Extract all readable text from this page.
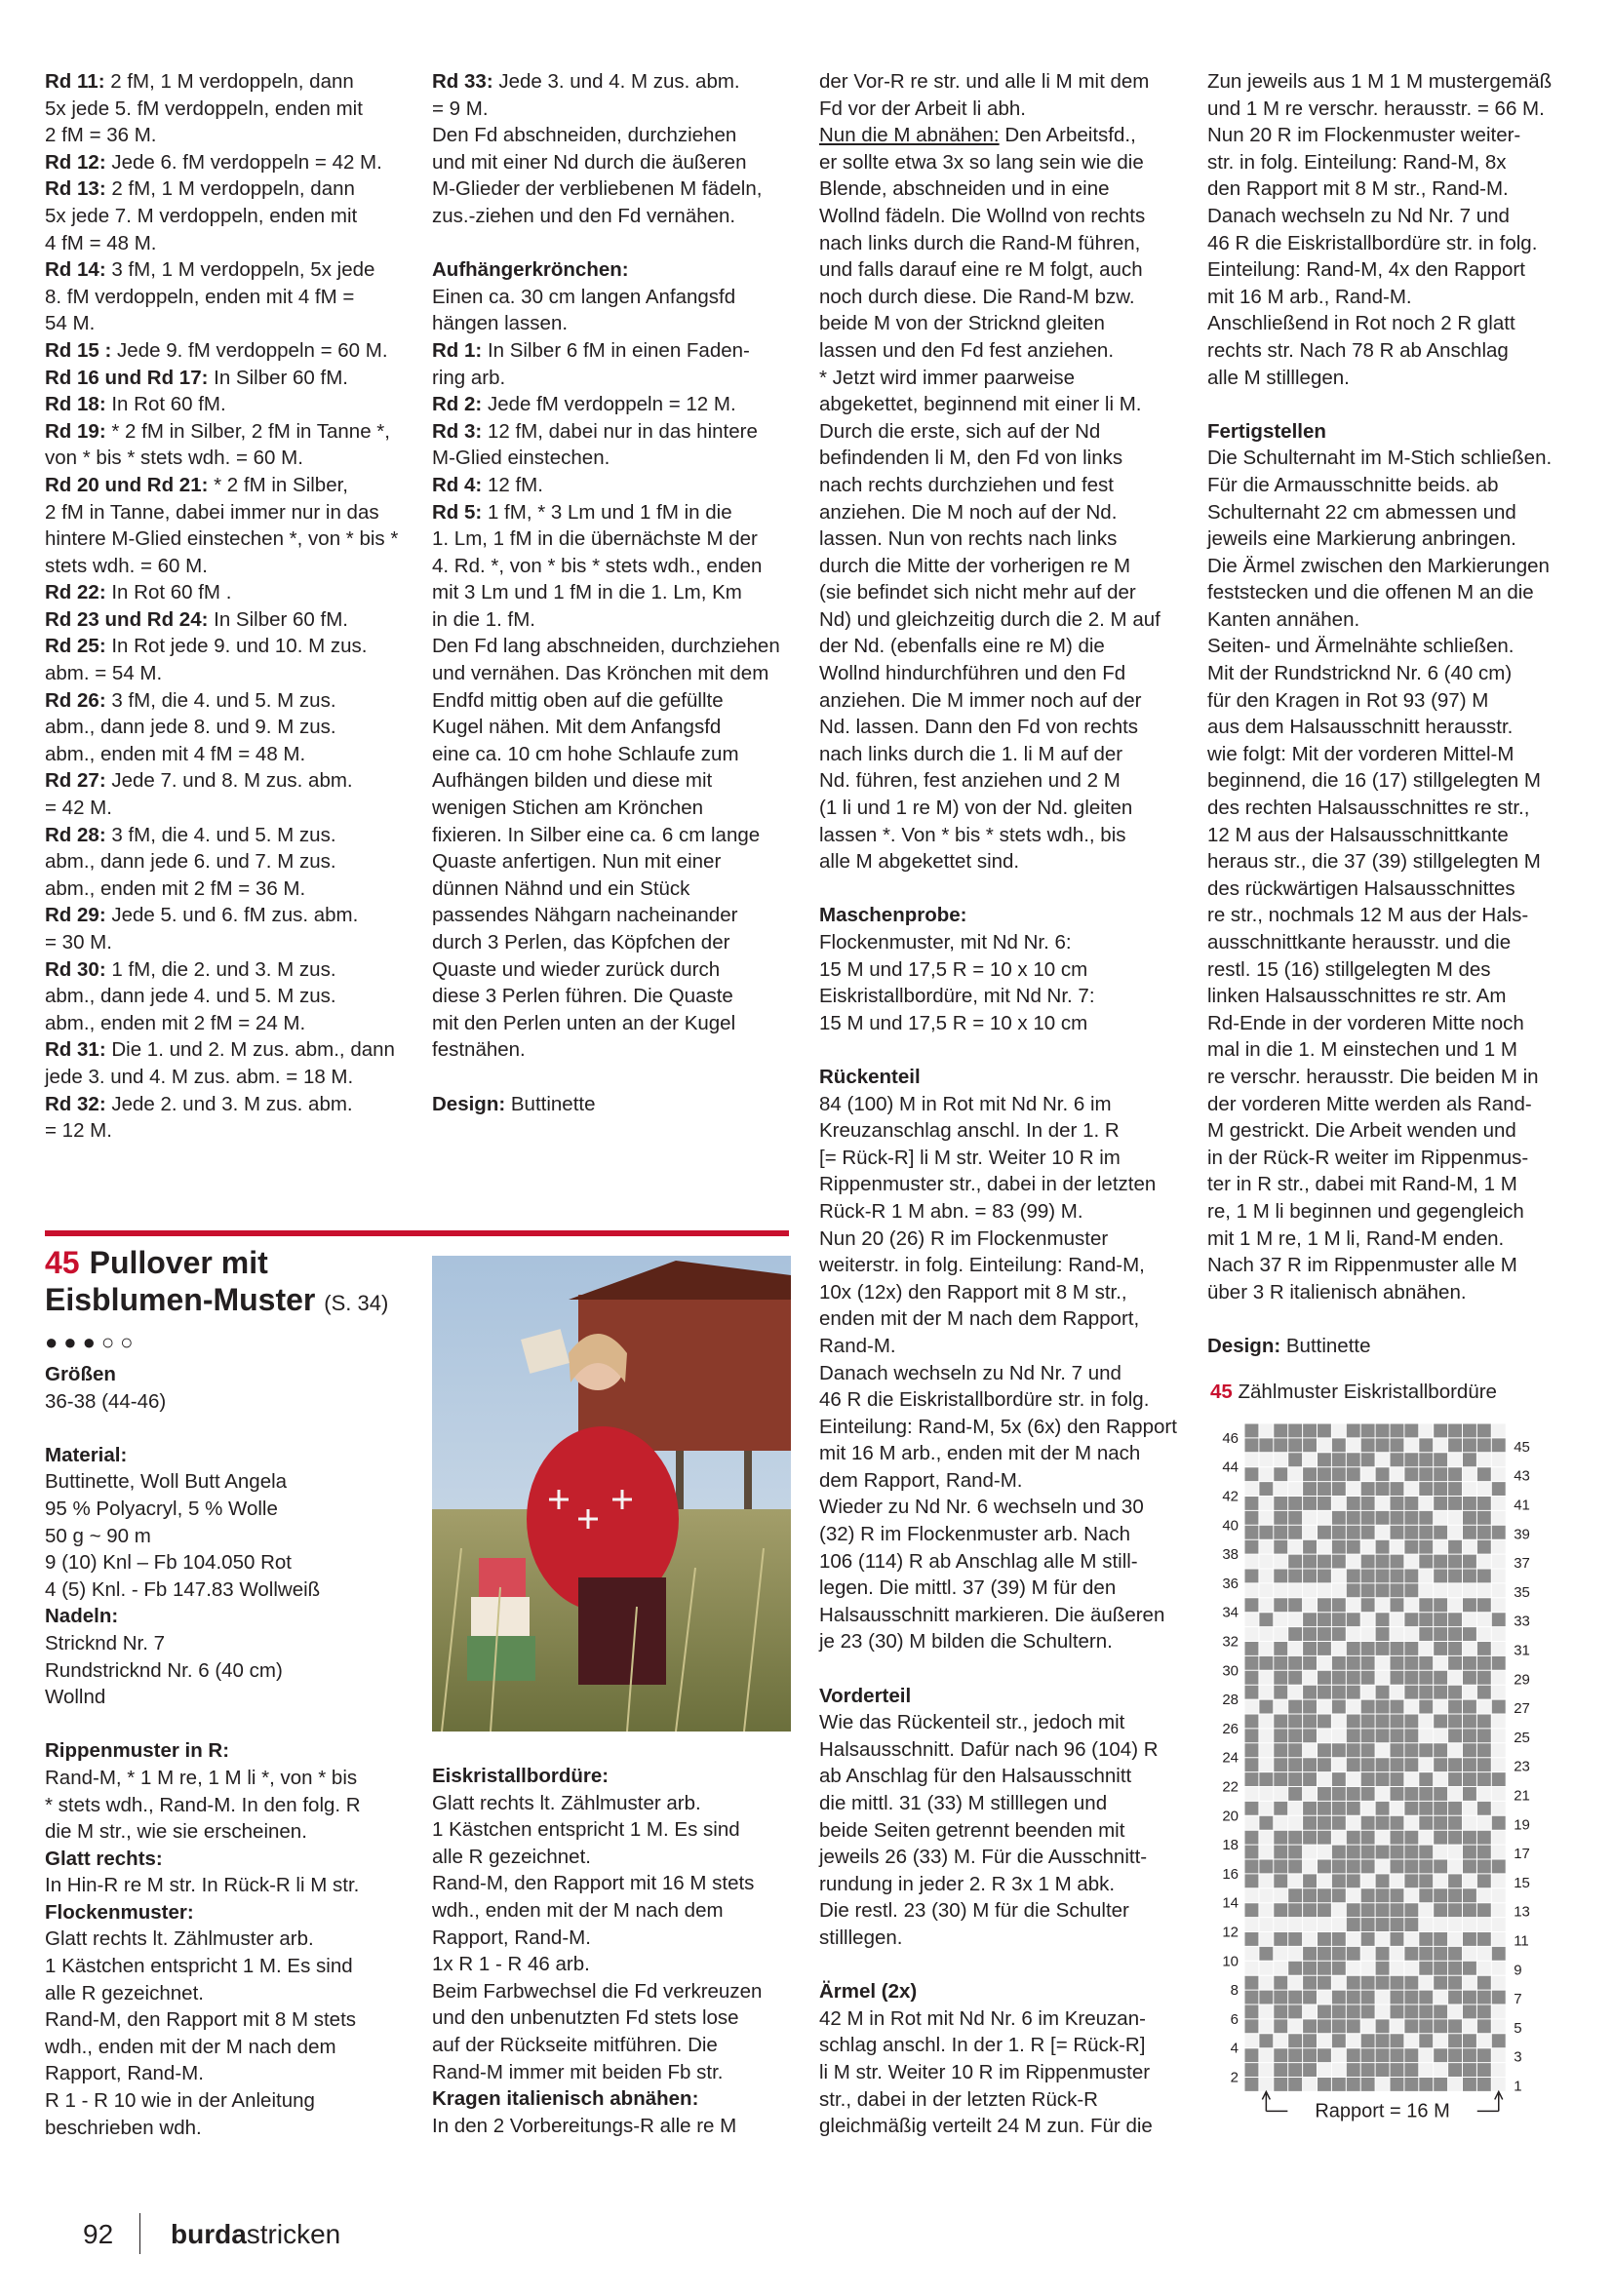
Rd 11: 2 fM, 1 M verdoppeln, dann

5x jede 5. fM verdoppeln, enden mit

2 fM = 36 M.

Rd 12: Jede 6. fM verdoppeln = 42 M.

Rd 13: 2 fM, 1 M verdoppeln, dann

5x jede 7. M verdoppeln, enden mit

4 fM = 48 M.

Rd 14: 3 fM, 1 M verdoppeln, 5x jede

8. fM verdoppeln, enden mit 4 fM =

54 M.

Rd 15 : Jede 9. fM verdoppeln = 60 M.

Rd 16 und Rd 17: In Silber 60 fM.

Rd 18: In Rot 60 fM.

Rd 19: * 2 fM in Silber, 2 fM in Tanne *,

von * bis * stets wdh. = 60 M.

Rd 20 und Rd 21: * 2 fM in Silber,

2 fM in Tanne, dabei immer nur in das

hintere M-Glied einstechen *, von * bis *

stets wdh. = 60 M.

Rd 22: In Rot 60 fM .

Rd 23 und Rd 24: In Silber 60 fM.

Rd 25: In Rot jede 9. und 10. M zus.

abm. = 54 M.

Rd 26: 3 fM, die 4. und 5. M zus.

abm., dann jede 8. und 9. M zus.

abm., enden mit 4 fM = 48 M.

Rd 27: Jede 7. und 8. M zus. abm.

= 42 M.

Rd 28: 3 fM, die 4. und 5. M zus.

abm., dann jede 6. und 7. M zus.

abm., enden mit 2 fM = 36 M.

Rd 29: Jede 5. und 6. fM zus. abm.

= 30 M.

Rd 30: 1 fM, die 2. und 3. M zus.

abm., dann jede 4. und 5. M zus.

abm., enden mit 2 fM = 24 M.

Rd 31: Die 1. und 2. M zus. abm., dann

jede 3. und 4. M zus. abm. = 18 M.

Rd 32: Jede 2. und 3. M zus. abm.

= 12 M.

45 Pullover mit
Eisblumen-Muster (S. 34)
●●●○○

Größen

36-38 (44-46)

Material:

Buttinette, Woll Butt Angela

95 % Polyacryl, 5 % Wolle

50 g ~ 90 m

9 (10) Knl – Fb 104.050 Rot

4 (5) Knl. - Fb 147.83 Wollweiß

Nadeln:

Stricknd Nr. 7

Rundstricknd Nr. 6 (40 cm)

Wollnd

Rippenmuster in R:

Rand-M, * 1 M re, 1 M li *, von * bis

* stets wdh., Rand-M. In den folg. R

die M str., wie sie erscheinen.

Glatt rechts:

In Hin-R re M str. In Rück-R li M str.

Flockenmuster:

Glatt rechts lt. Zählmuster arb.

1 Kästchen entspricht 1 M. Es sind

alle R gezeichnet.

Rand-M, den Rapport mit 8 M stets

wdh., enden mit der M nach dem

Rapport, Rand-M.

R 1 - R 10 wie in der Anleitung

beschrieben wdh.

Rd 33: Jede 3. und 4. M zus. abm.

= 9 M.

Den Fd abschneiden, durchziehen

und mit einer Nd durch die äußeren

M-Glieder der verbliebenen M fädeln,

zus.-ziehen und den Fd vernähen.

Aufhängerkrönchen:

Einen ca. 30 cm langen Anfangsfd

hängen lassen.

Rd 1: In Silber 6 fM in einen Faden-

ring arb.

Rd 2: Jede fM verdoppeln = 12 M.

Rd 3: 12 fM, dabei nur in das hintere

M-Glied einstechen.

Rd 4: 12 fM.

Rd 5: 1 fM, * 3 Lm und 1 fM in die

1. Lm, 1 fM in die übernächste M der

4. Rd. *, von * bis * stets wdh., enden

mit 3 Lm und 1 fM in die 1. Lm, Km

in die 1. fM.

Den Fd lang abschneiden, durchziehen

und vernähen. Das Krönchen mit dem

Endfd mittig oben auf die gefüllte

Kugel nähen. Mit dem Anfangsfd

eine ca. 10 cm hohe Schlaufe zum

Aufhängen bilden und diese mit

wenigen Stichen am Krönchen

fixieren. In Silber eine ca. 6 cm lange

Quaste anfertigen. Nun mit einer

dünnen Nähnd und ein Stück

passendes Nähgarn nacheinander

durch 3 Perlen, das Köpfchen der

Quaste und wieder zurück durch

diese 3 Perlen führen. Die Quaste

mit den Perlen unten an der Kugel

festnähen.

Design: Buttinette

Eiskristallbordüre:

Glatt rechts lt. Zählmuster arb.

1 Kästchen entspricht 1 M. Es sind

alle R gezeichnet.

Rand-M, den Rapport mit 16 M stets

wdh., enden mit der M nach dem

Rapport, Rand-M.

1x R 1 - R 46 arb.

Beim Farbwechsel die Fd verkreuzen

und den unbenutzten Fd stets lose

auf der Rückseite mitführen. Die

Rand-M immer mit beiden Fb str.

Kragen italienisch abnähen:

In den 2 Vorbereitungs-R alle re M

der Vor-R re str. und alle li M mit dem

Fd vor der Arbeit li abh.

Nun die M abnähen: Den Arbeitsfd.,

er sollte etwa 3x so lang sein wie die

Blende, abschneiden und in eine

Wollnd fädeln. Die Wollnd von rechts

nach links durch die Rand-M führen,

und falls darauf eine re M folgt, auch

noch durch diese. Die Rand-M bzw.

beide M von der Stricknd gleiten

lassen und den Fd fest anziehen.

* Jetzt wird immer paarweise

abgekettet, beginnend mit einer li M.

Durch die erste, sich auf der Nd

befindenden li M, den Fd von links

nach rechts durchziehen und fest

anziehen. Die M noch auf der Nd.

lassen. Nun von rechts nach links

durch die Mitte der vorherigen re M

(sie befindet sich nicht mehr auf der

Nd) und gleichzeitig durch die 2. M auf

der Nd. (ebenfalls eine re M) die

Wollnd hindurchführen und den Fd

anziehen. Die M immer noch auf der

Nd. lassen. Dann den Fd von rechts

nach links durch die 1. li M auf der

Nd. führen, fest anziehen und 2 M

(1 li und 1 re M) von der Nd. gleiten

lassen *. Von * bis * stets wdh., bis

alle M abgekettet sind.

Maschenprobe:

Flockenmuster, mit Nd Nr. 6:

15 M und 17,5 R = 10 x 10 cm

Eiskristallbordüre, mit Nd Nr. 7:

15 M und 17,5 R = 10 x 10 cm

Rückenteil

84 (100) M in Rot mit Nd Nr. 6 im

Kreuzanschlag anschl. In der 1. R

[= Rück-R] li M str. Weiter 10 R im

Rippenmuster str., dabei in der letzten

Rück-R 1 M abn. = 83 (99) M.

Nun 20 (26) R im Flockenmuster

weiterstr. in folg. Einteilung: Rand-M,

10x (12x) den Rapport mit 8 M str.,

enden mit der M nach dem Rapport,

Rand-M.

Danach wechseln zu Nd Nr. 7 und

46 R die Eiskristallbordüre str. in folg.

Einteilung: Rand-M, 5x (6x) den Rapport

mit 16 M arb., enden mit der M nach

dem Rapport, Rand-M.

Wieder zu Nd Nr. 6 wechseln und 30

(32) R im Flockenmuster arb. Nach

106 (114) R ab Anschlag alle M still-

legen. Die mittl. 37 (39) M für den

Halsausschnitt markieren. Die äußeren

je 23 (30) M bilden die Schultern.

Vorderteil

Wie das Rückenteil str., jedoch mit

Halsausschnitt. Dafür nach 96 (104) R

ab Anschlag für den Halsausschnitt

die mittl. 31 (33) M stilllegen und

beide Seiten getrennt beenden mit

jeweils 26 (33) M. Für die Ausschnitt-

rundung in jeder 2. R 3x 1 M abk.

Die restl. 23 (30) M für die Schulter

stilllegen.

Ärmel (2x)

42 M in Rot mit Nd Nr. 6 im Kreuzan-

schlag anschl. In der 1. R [= Rück-R]

li M str. Weiter 10 R im Rippenmuster

str., dabei in der letzten Rück-R

gleichmäßig verteilt 24 M zun. Für die

Zun jeweils aus 1 M 1 M mustergemäß

und 1 M re verschr. herausstr. = 66 M.

Nun 20 R im Flockenmuster weiter-

str. in folg. Einteilung: Rand-M, 8x

den Rapport mit 8 M str., Rand-M.

Danach wechseln zu Nd Nr. 7 und

46 R die Eiskristallbordüre str. in folg.

Einteilung: Rand-M, 4x den Rapport

mit 16 M arb., Rand-M.

Anschließend in Rot noch 2 R glatt

rechts str. Nach 78 R ab Anschlag

alle M stilllegen.

Fertigstellen

Die Schulternaht im M-Stich schließen.

Für die Armausschnitte beids. ab

Schulternaht 22 cm abmessen und

jeweils eine Markierung anbringen.

Die Ärmel zwischen den Markierungen

feststecken und die offenen M an die

Kanten annähen.

Seiten- und Ärmelnähte schließen.

Mit der Rundstricknd Nr. 6 (40 cm)

für den Kragen in Rot 93 (97) M

aus dem Halsausschnitt herausstr.

wie folgt: Mit der vorderen Mittel-M

beginnend, die 16 (17) stillgelegten M

des rechten Halsausschnittes re str.,

12 M aus der Halsausschnittkante

heraus str., die 37 (39) stillgelegten M

des rückwärtigen Halsausschnittes

re str., nochmals 12 M aus der Hals-

ausschnittkante herausstr. und die

restl. 15 (16) stillgelegten M des

linken Halsausschnittes re str. Am

Rd-Ende in der vorderen Mitte noch

mal in die 1. M einstechen und 1 M

re verschr. herausstr. Die beiden M in

der vorderen Mitte werden als Rand-

M gestrickt. Die Arbeit wenden und

in der Rück-R weiter im Rippenmus-

ter in R str., dabei mit Rand-M, 1 M

re, 1 M li beginnen und gegengleich

mit 1 M re, 1 M li, Rand-M enden.

Nach 37 R im Rippenmuster alle M

über 3 R italienisch abnähen.

Design: Buttinette

45 Zählmuster Eiskristallbordüre
46
44
42
40
38
36
34
32
30
28
26
24
22
20
18
16
14
12
10
8
6
4
2
45
43
41
39
37
35
33
31
29
27
25
23
21
19
17
15
13
11
9
7
5
3
1
Rapport = 16 M
92 burdastricken
